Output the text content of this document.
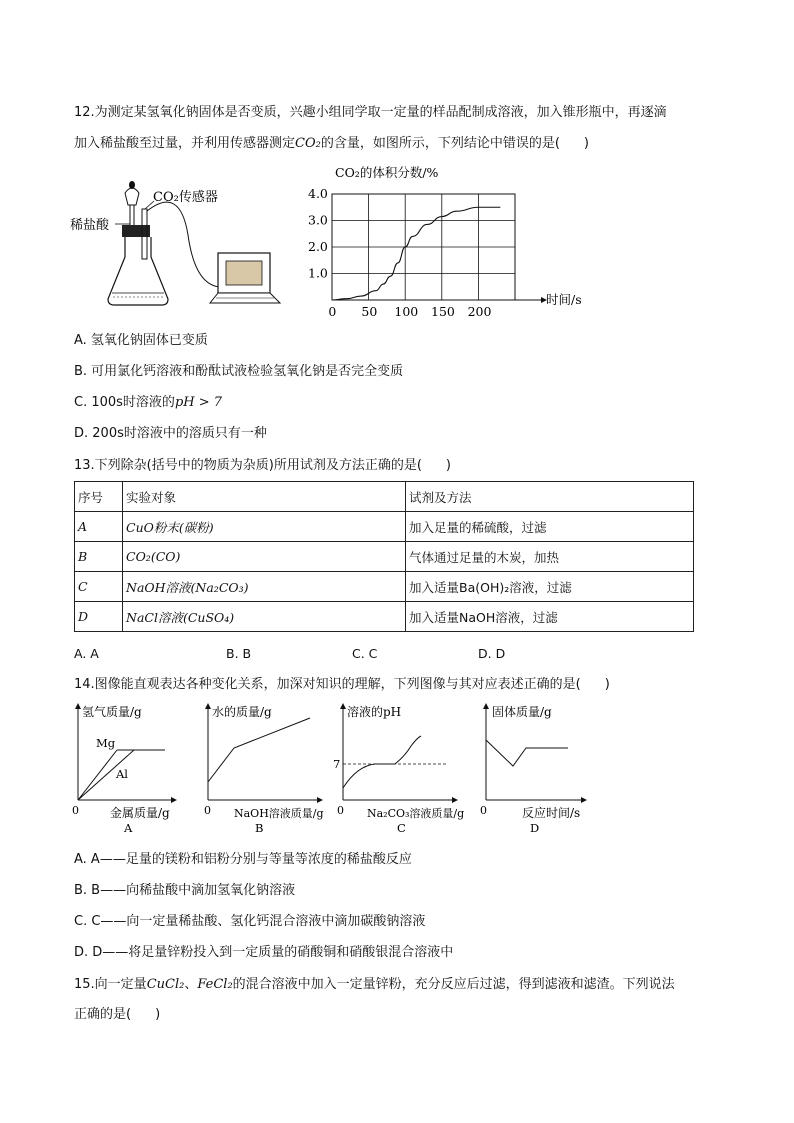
12.为测定某氢氧化钠固体是否变质，兴趣小组同学取一定量的样品配制成溶液，加入锥形瓶中，再逐滴
加入稀盐酸至过量，并利用传感器测定CO₂的含量，如图所示，下列结论中错误的是( )
稀盐酸
CO₂传感器
CO₂的体积分数/%
4.0
3.0
2.0
1.0
0 50 100 150 200
时间/s
A. 氢氧化钠固体已变质
B. 可用氯化钙溶液和酚酞试液检验氢氧化钠是否完全变质
C. 100s时溶液的pH > 7
D. 200s时溶液中的溶质只有一种
13.下列除杂(括号中的物质为杂质)所用试剂及方法正确的是( )
序号	实验对象	试剂及方法
A	CuO粉末(碳粉)	加入足量的稀硫酸，过滤
B	CO₂(CO)	气体通过足量的木炭，加热
C	NaOH溶液(Na₂CO₃)	加入适量Ba(OH)₂溶液，过滤
D	NaCl溶液(CuSO₄)	加入适量NaOH溶液，过滤
A. A	B. B	C. C	D. D
14.图像能直观表达各种变化关系，加深对知识的理解，下列图像与其对应表述正确的是( )
氢气质量/g
0	金属质量/g
A
Mg
Al
水的质量/g
0 NaOH溶液质量/g
B
溶液的pH
0 Na₂CO₃溶液质量/g
C
7
固体质量/g
0	反应时间/s
D
A. A——足量的镁粉和铝粉分别与等量等浓度的稀盐酸反应
B. B——向稀盐酸中滴加氢氧化钠溶液
C. C——向一定量稀盐酸、氢化钙混合溶液中滴加碳酸钠溶液
D. D——将足量锌粉投入到一定质量的硝酸铜和硝酸银混合溶液中
15.向一定量CuCl₂、FeCl₂的混合溶液中加入一定量锌粉，充分反应后过滤，得到滤液和滤渣。下列说法
正确的是( )
